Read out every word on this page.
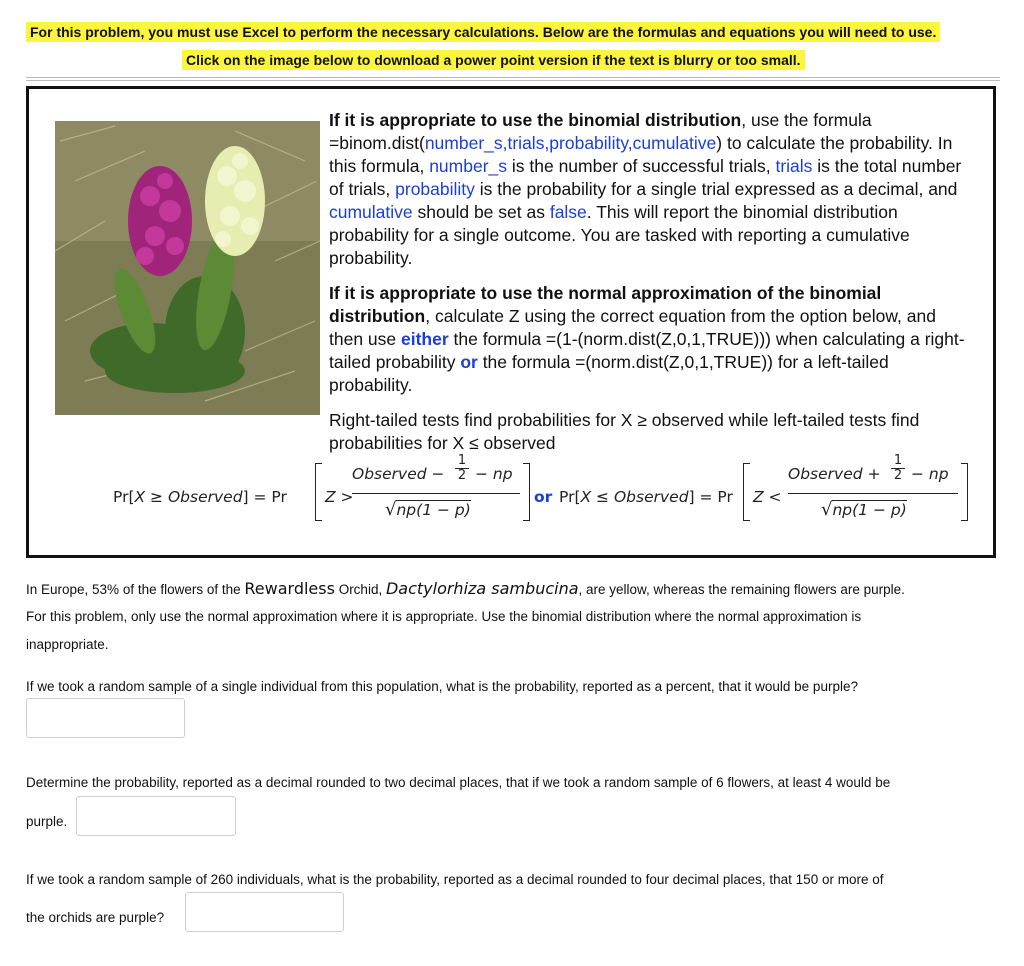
For this problem, you must use Excel to perform the necessary calculations. Below are the formulas and equations you will need to use.
Click on the image below to download a power point version if the text is blurry or too small.

If it is appropriate to use the binomial distribution, use the formula =binom.dist(number_s,trials,probability,cumulative) to calculate the probability. In this formula, number_s is the number of successful trials, trials is the total number of trials, probability is the probability for a single trial expressed as a decimal, and cumulative should be set as false. This will report the binomial distribution probability for a single outcome. You are tasked with reporting a cumulative probability.

If it is appropriate to use the normal approximation of the binomial distribution, calculate Z using the correct equation from the option below, and then use either the formula =(1-(norm.dist(Z,0,1,TRUE))) when calculating a right-tailed probability or the formula =(norm.dist(Z,0,1,TRUE)) for a left-tailed probability.

Right-tailed tests find probabilities for X ≥ observed while left-tailed tests find probabilities for X ≤ observed

Pr[X ≥ Observed] = Pr Z >
Observed − $\frac{1}{2}$ − np
√np(1 − p)
or Pr[X ≤ Observed] = Pr Z <
Observed + $\frac{1}{2}$ − np
√np(1 − p)
In Europe, 53% of the flowers of the Rewardless Orchid, Dactylorhiza sambucina, are yellow, whereas the remaining flowers are purple.
For this problem, only use the normal approximation where it is appropriate. Use the binomial distribution where the normal approximation is
inappropriate.
If we took a random sample of a single individual from this population, what is the probability, reported as a percent, that it would be purple?
Determine the probability, reported as a decimal rounded to two decimal places, that if we took a random sample of 6 flowers, at least 4 would be
purple.
If we took a random sample of 260 individuals, what is the probability, reported as a decimal rounded to four decimal places, that 150 or more of
the orchids are purple?
